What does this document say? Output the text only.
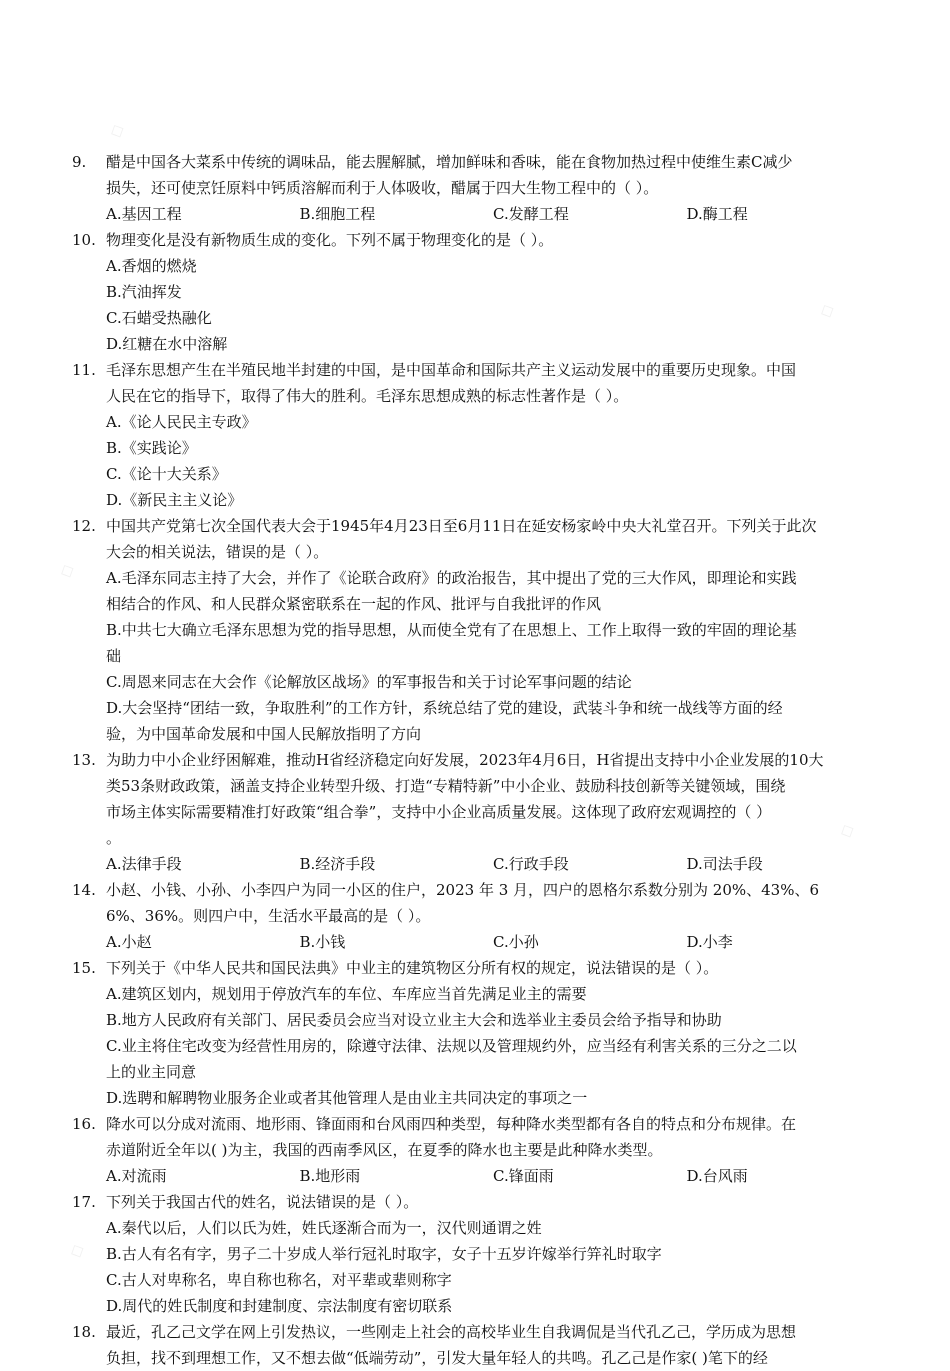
◇
◇
◇
◇
◇
9. 醋是中国各大菜系中传统的调味品，能去腥解腻，增加鲜味和香味，能在食物加热过程中使维生素C减少
损失，还可使烹饪原料中钙质溶解而利于人体吸收，醋属于四大生物工程中的（ ）。
A.基因工程	B.细胞工程	C.发酵工程	D.酶工程
10. 物理变化是没有新物质生成的变化。下列不属于物理变化的是（ ）。
A.香烟的燃烧
B.汽油挥发
C.石蜡受热融化
D.红糖在水中溶解
11. 毛泽东思想产生在半殖民地半封建的中国，是中国革命和国际共产主义运动发展中的重要历史现象。中国
人民在它的指导下，取得了伟大的胜利。毛泽东思想成熟的标志性著作是（ ）。
A.《论人民民主专政》
B.《实践论》
C.《论十大关系》
D.《新民主主义论》
12. 中国共产党第七次全国代表大会于1945年4月23日至6月11日在延安杨家岭中央大礼堂召开。下列关于此次
大会的相关说法，错误的是（ ）。
A.毛泽东同志主持了大会，并作了《论联合政府》的政治报告，其中提出了党的三大作风，即理论和实践
相结合的作风、和人民群众紧密联系在一起的作风、批评与自我批评的作风
B.中共七大确立毛泽东思想为党的指导思想，从而使全党有了在思想上、工作上取得一致的牢固的理论基
础
C.周恩来同志在大会作《论解放区战场》的军事报告和关于讨论军事问题的结论
D.大会坚持“团结一致，争取胜利”的工作方针，系统总结了党的建设，武装斗争和统一战线等方面的经
验，为中国革命发展和中国人民解放指明了方向
13. 为助力中小企业纾困解难，推动H省经济稳定向好发展，2023年4月6日，H省提出支持中小企业发展的10大
类53条财政政策，涵盖支持企业转型升级、打造“专精特新”中小企业、鼓励科技创新等关键领域，围绕
市场主体实际需要精准打好政策“组合拳”，支持中小企业高质量发展。这体现了政府宏观调控的（ ）
。
A.法律手段	B.经济手段	C.行政手段	D.司法手段
14. 小赵、小钱、小孙、小李四户为同一小区的住户，2023 年 3 月，四户的恩格尔系数分别为 20%、43%、6
6%、36%。则四户中，生活水平最高的是（ ）。
A.小赵	B.小钱	C.小孙	D.小李
15. 下列关于《中华人民共和国民法典》中业主的建筑物区分所有权的规定，说法错误的是（ ）。
A.建筑区划内，规划用于停放汽车的车位、车库应当首先满足业主的需要
B.地方人民政府有关部门、居民委员会应当对设立业主大会和选举业主委员会给予指导和协助
C.业主将住宅改变为经营性用房的，除遵守法律、法规以及管理规约外，应当经有利害关系的三分之二以
上的业主同意
D.选聘和解聘物业服务企业或者其他管理人是由业主共同决定的事项之一
16. 降水可以分成对流雨、地形雨、锋面雨和台风雨四种类型，每种降水类型都有各自的特点和分布规律。在
赤道附近全年以( )为主，我国的西南季风区，在夏季的降水也主要是此种降水类型。
A.对流雨	B.地形雨	C.锋面雨	D.台风雨
17. 下列关于我国古代的姓名，说法错误的是（ ）。
A.秦代以后，人们以氏为姓，姓氏逐渐合而为一，汉代则通谓之姓
B.古人有名有字，男子二十岁成人举行冠礼时取字，女子十五岁许嫁举行笄礼时取字
C.古人对卑称名，卑自称也称名，对平辈或辈则称字
D.周代的姓氏制度和封建制度、宗法制度有密切联系
18. 最近，孔乙己文学在网上引发热议，一些刚走上社会的高校毕业生自我调侃是当代孔乙己，学历成为思想
负担，找不到理想工作，又不想去做“低端劳动”，引发大量年轻人的共鸣。孔乙己是作家( )笔下的经
